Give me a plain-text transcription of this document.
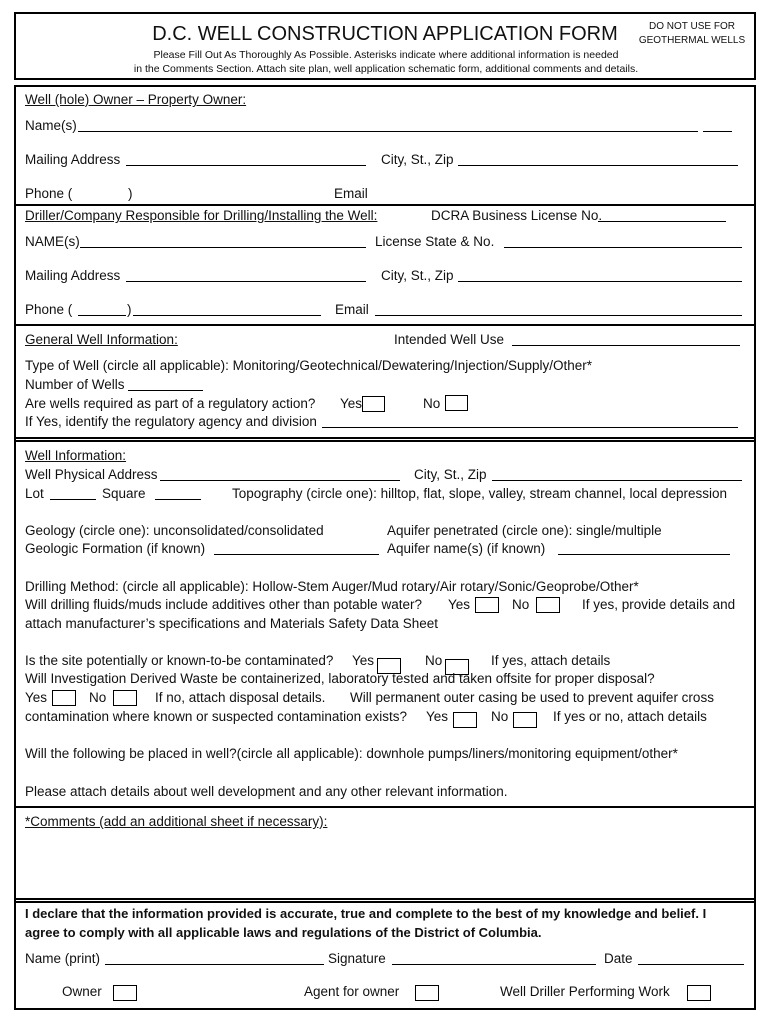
D.C. WELL CONSTRUCTION APPLICATION FORM
Please Fill Out As Thoroughly As Possible. Asterisks indicate where additional information is needed
in the Comments Section. Attach site plan, well application schematic form, additional comments and details.
DO NOT USE FOR
GEOTHERMAL WELLS
Well (hole) Owner – Property Owner:
Name(s)
Mailing Address	City, St., Zip
Phone (	)	Email
Driller/Company Responsible for Drilling/Installing the Well:	DCRA Business License No.
NAME(s)	License State & No.
Mailing Address	City, St., Zip
Phone (	)	Email
General Well Information:	Intended Well Use
Type of Well (circle all applicable): Monitoring/Geotechnical/Dewatering/Injection/Supply/Other*
Number of Wells
Are wells required as part of a regulatory action? Yes	No
If Yes, identify the regulatory agency and division
Well Information:
Well Physical Address	City, St., Zip
Lot	Square	Topography (circle one): hilltop, flat, slope, valley, stream channel, local depression
Geology (circle one): unconsolidated/consolidated	Aquifer penetrated (circle one): single/multiple
Geologic Formation (if known)	Aquifer name(s) (if known)
Drilling Method: (circle all applicable): Hollow-Stem Auger/Mud rotary/Air rotary/Sonic/Geoprobe/Other*
Will drilling fluids/muds include additives other than potable water? Yes	No	If yes, provide details and
attach manufacturer’s specifications and Materials Safety Data Sheet
Is the site potentially or known-to-be contaminated? Yes	No	If yes, attach details
Will Investigation Derived Waste be containerized, laboratory tested and taken offsite for proper disposal?
Yes	No	If no, attach disposal details. Will permanent outer casing be used to prevent aquifer cross
contamination where known or suspected contamination exists? Yes	No	If yes or no, attach details
Will the following be placed in well?(circle all applicable): downhole pumps/liners/monitoring equipment/other*
Please attach details about well development and any other relevant information.
*Comments (add an additional sheet if necessary):
I declare that the information provided is accurate, true and complete to the best of my knowledge and belief. I
agree to comply with all applicable laws and regulations of the District of Columbia.
Name (print)	Signature	Date
Owner	Agent for owner	Well Driller Performing Work
